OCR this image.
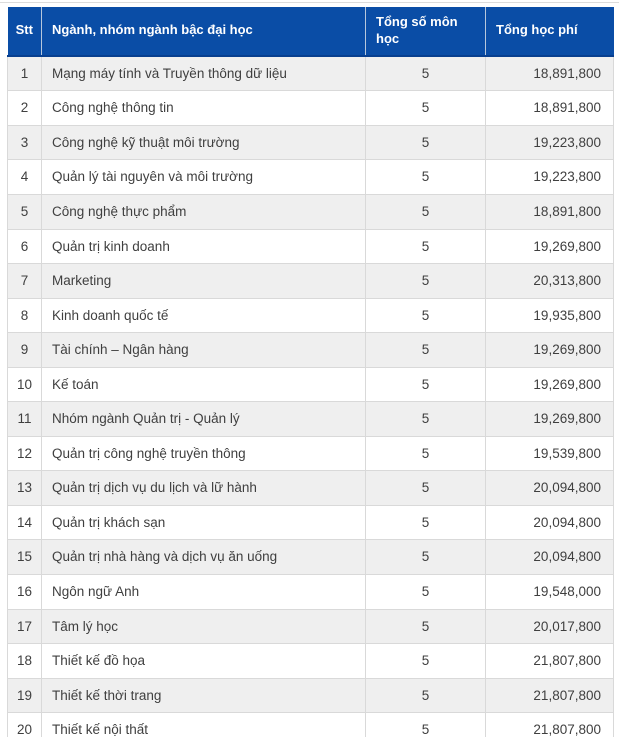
Stt	Ngành, nhóm ngành bậc đại học	Tổng số môn học	Tổng học phí
1	Mạng máy tính và Truyền thông dữ liệu	5	18,891,800
2	Công nghệ thông tin	5	18,891,800
3	Công nghệ kỹ thuật môi trường	5	19,223,800
4	Quản lý tài nguyên và môi trường	5	19,223,800
5	Công nghệ thực phẩm	5	18,891,800
6	Quản trị kinh doanh	5	19,269,800
7	Marketing	5	20,313,800
8	Kinh doanh quốc tế	5	19,935,800
9	Tài chính – Ngân hàng	5	19,269,800
10	Kế toán	5	19,269,800
11	Nhóm ngành Quản trị - Quản lý	5	19,269,800
12	Quản trị công nghệ truyền thông	5	19,539,800
13	Quản trị dịch vụ du lịch và lữ hành	5	20,094,800
14	Quản trị khách sạn	5	20,094,800
15	Quản trị nhà hàng và dịch vụ ăn uống	5	20,094,800
16	Ngôn ngữ Anh	5	19,548,000
17	Tâm lý học	5	20,017,800
18	Thiết kế đồ họa	5	21,807,800
19	Thiết kế thời trang	5	21,807,800
20	Thiết kế nội thất	5	21,807,800
